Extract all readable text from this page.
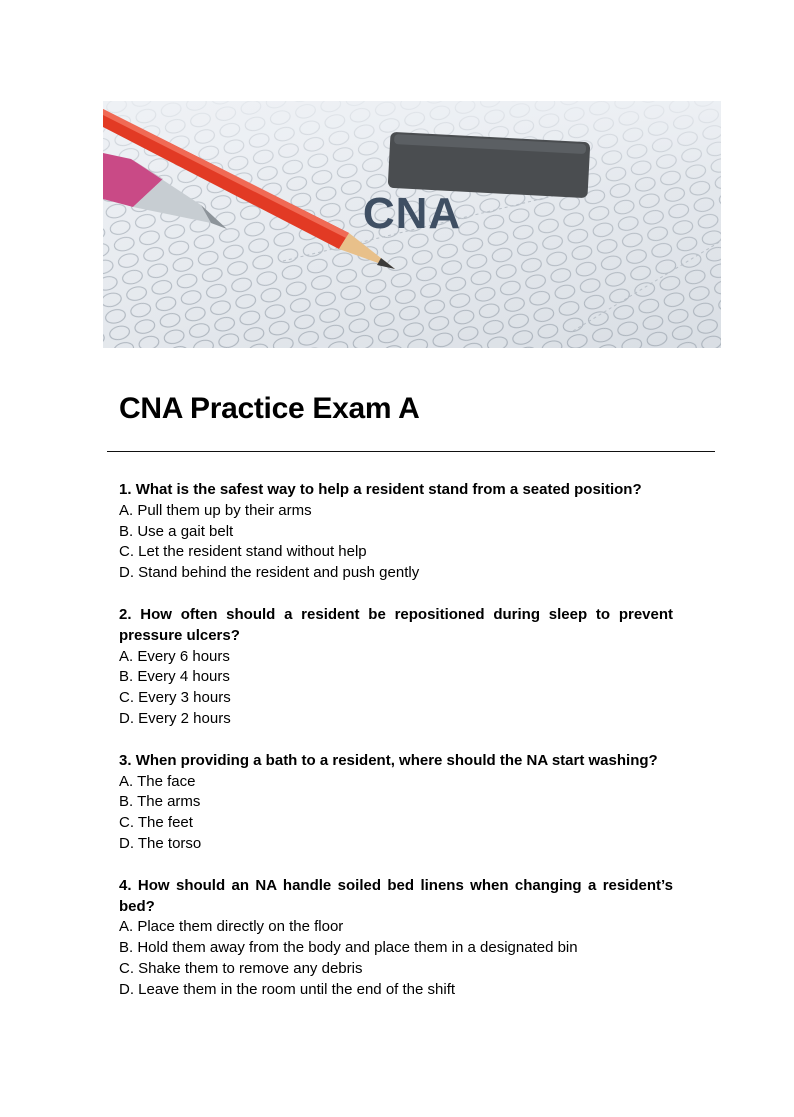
CNA
CNA Practice Exam A
1. What is the safest way to help a resident stand from a seated position?
A. Pull them up by their arms
B. Use a gait belt
C. Let the resident stand without help
D. Stand behind the resident and push gently
2. How often should a resident be repositioned during sleep to prevent pressure ulcers?
A. Every 6 hours
B. Every 4 hours
C. Every 3 hours
D. Every 2 hours
3. When providing a bath to a resident, where should the NA start washing?
A. The face
B. The arms
C. The feet
D. The torso
4. How should an NA handle soiled bed linens when changing a resident’s bed?
A. Place them directly on the floor
B. Hold them away from the body and place them in a designated bin
C. Shake them to remove any debris
D. Leave them in the room until the end of the shift
